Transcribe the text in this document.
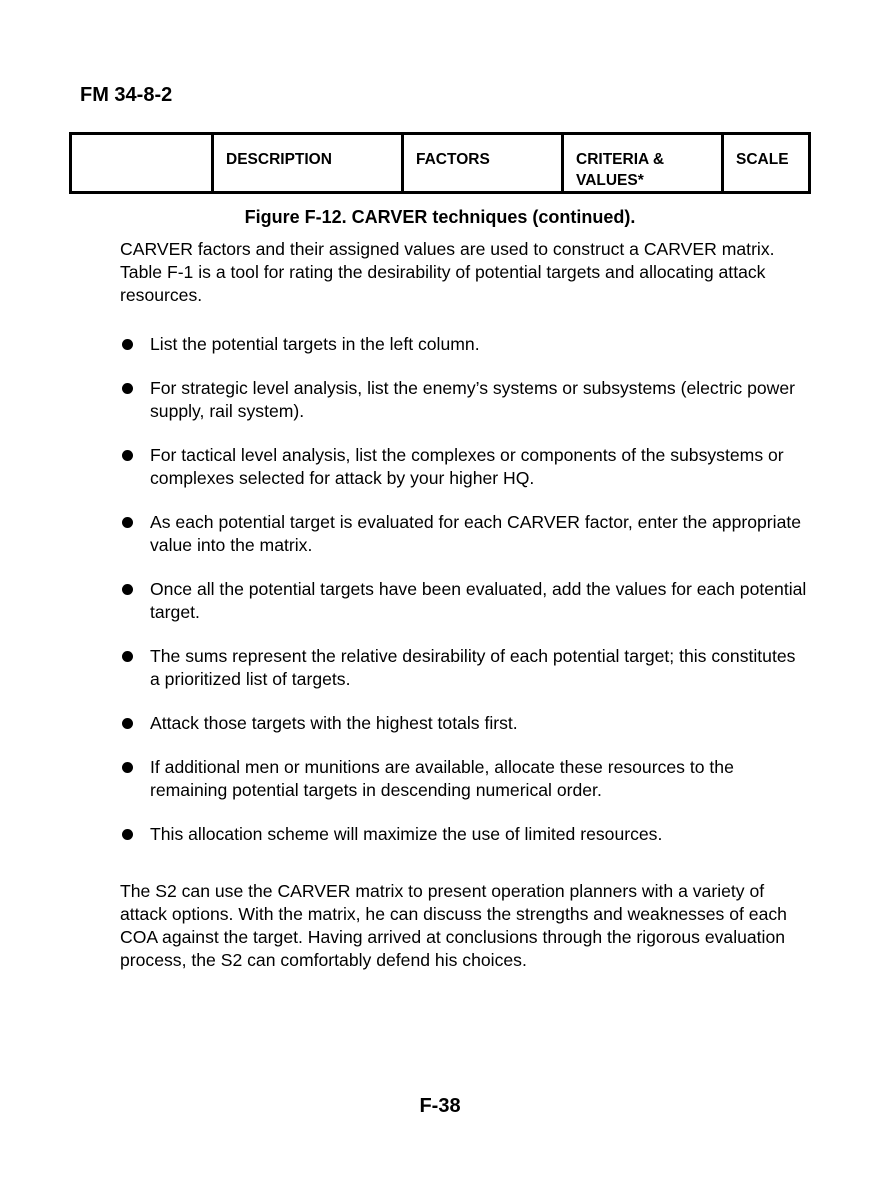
FM 34-8-2
	DESCRIPTION	FACTORS	CRITERIA & VALUES*	SCALE
Figure F-12. CARVER techniques (continued).

CARVER factors and their assigned values are used to construct a CARVER matrix. Table F-1 is a tool for rating the desirability of potential targets and allocating attack resources.

List the potential targets in the left column.
For strategic level analysis, list the enemy’s systems or subsystems (electric power supply, rail system).
For tactical level analysis, list the complexes or components of the subsystems or complexes selected for attack by your higher HQ.
As each potential target is evaluated for each CARVER factor, enter the appropriate value into the matrix.
Once all the potential targets have been evaluated, add the values for each potential target.
The sums represent the relative desirability of each potential target; this constitutes a prioritized list of targets.
Attack those targets with the highest totals first.
If additional men or munitions are available, allocate these resources to the remaining potential targets in descending numerical order.
This allocation scheme will maximize the use of limited resources.

The S2 can use the CARVER matrix to present operation planners with a variety of attack options. With the matrix, he can discuss the strengths and weaknesses of each COA against the target. Having arrived at conclusions through the rigorous evaluation process, the S2 can comfortably defend his choices.

F-38
